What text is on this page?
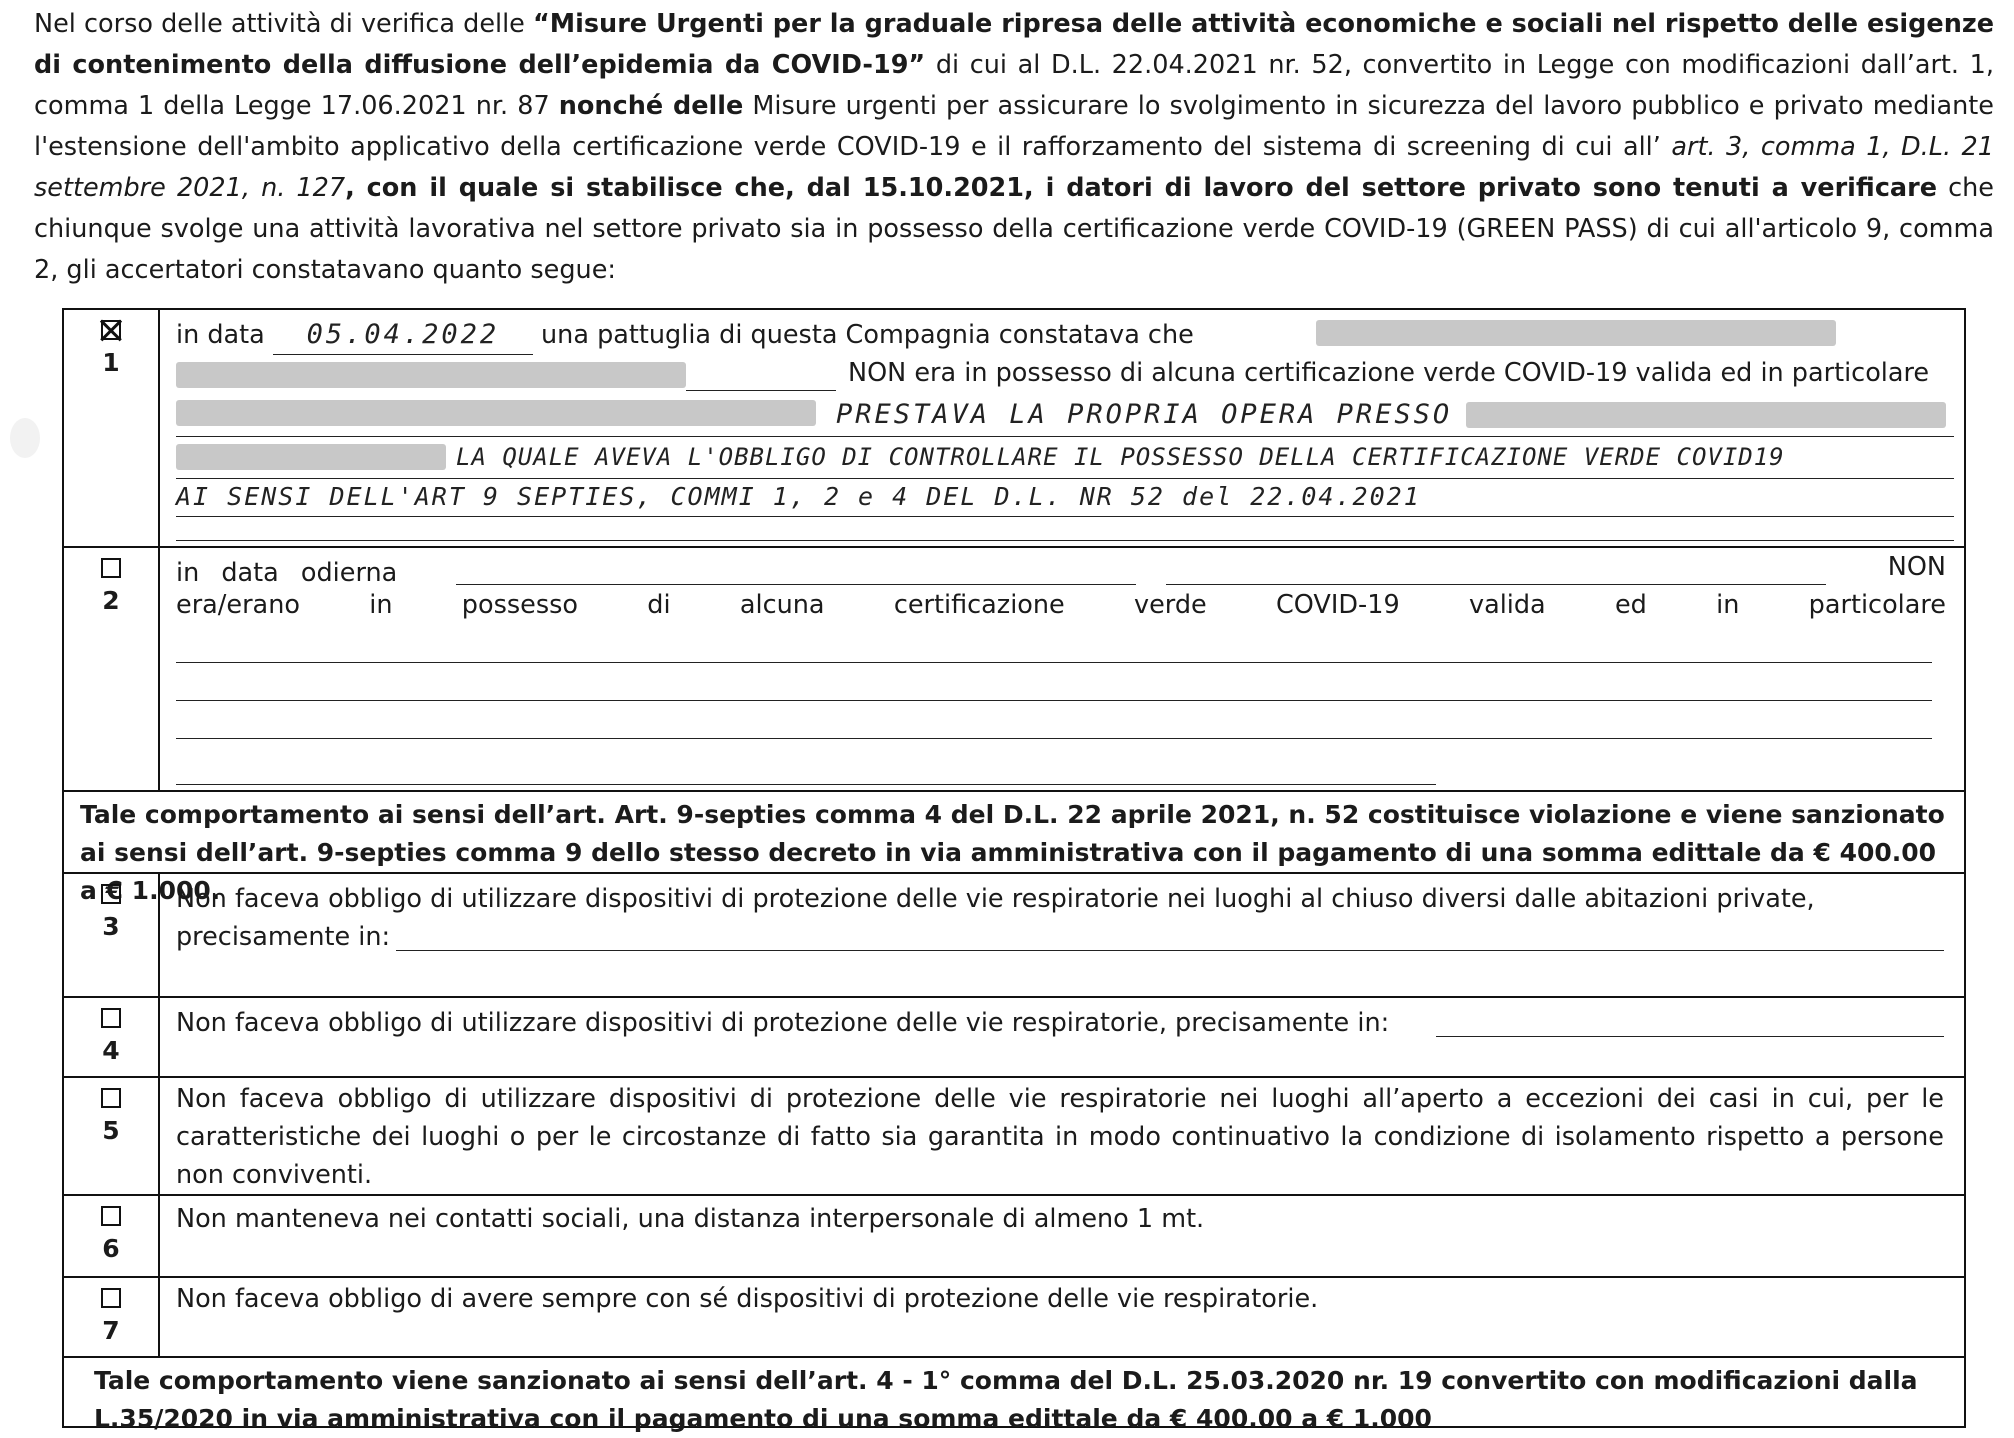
Nel corso delle attività di verifica delle “Misure Urgenti per la graduale ripresa delle attività economiche e sociali nel rispetto delle esigenze di contenimento della diffusione dell’epidemia da COVID-19” di cui al D.L. 22.04.2021 nr. 52, convertito in Legge con modificazioni dall’art. 1, comma 1 della Legge 17.06.2021 nr. 87 nonché delle Misure urgenti per assicurare lo svolgimento in sicurezza del lavoro pubblico e privato mediante l'estensione dell'ambito applicativo della certificazione verde COVID-19 e il rafforzamento del sistema di screening di cui all’ art. 3, comma 1, D.L. 21 settembre 2021, n. 127, con il quale si stabilisce che, dal 15.10.2021, i datori di lavoro del settore privato sono tenuti a verificare che chiunque svolge una attività lavorativa nel settore privato sia in possesso della certificazione verde COVID-19 (GREEN PASS) di cui all'articolo 9, comma 2, gli accertatori constatavano quanto segue:
1
in data 05.04.2022 una pattuglia di questa Compagnia constatava che
NON era in possesso di alcuna certificazione verde COVID-19 valida ed in particolare
PRESTAVA LA PROPRIA OPERA PRESSO
LA QUALE AVEVA L'OBBLIGO DI CONTROLLARE IL POSSESSO DELLA CERTIFICAZIONE VERDE COVID19
AI SENSI DELL'ART 9 SEPTIES, COMMI 1, 2 e 4 DEL D.L. NR 52 del 22.04.2021
2
in data odierna	NON
era/erano in possesso di alcuna certificazione verde COVID-19 valida ed in particolare
Tale comportamento ai sensi dell’art. Art. 9-septies comma 4 del D.L. 22 aprile 2021, n. 52 costituisce violazione e viene sanzionato ai sensi dell’art. 9-septies comma 9 dello stesso decreto in via amministrativa con il pagamento di una somma edittale da € 400.00 a € 1.000.
3
Non faceva obbligo di utilizzare dispositivi di protezione delle vie respiratorie nei luoghi al chiuso diversi dalle abitazioni private,
precisamente in:
4
Non faceva obbligo di utilizzare dispositivi di protezione delle vie respiratorie, precisamente in:
5
Non faceva obbligo di utilizzare dispositivi di protezione delle vie respiratorie nei luoghi all’aperto a eccezioni dei casi in cui, per le caratteristiche dei luoghi o per le circostanze di fatto sia garantita in modo continuativo la condizione di isolamento rispetto a persone non conviventi.
6
Non manteneva nei contatti sociali, una distanza interpersonale di almeno 1 mt.
7
Non faceva obbligo di avere sempre con sé dispositivi di protezione delle vie respiratorie.
Tale comportamento viene sanzionato ai sensi dell’art. 4 - 1° comma del D.L. 25.03.2020 nr. 19 convertito con modificazioni dalla L.35/2020 in via amministrativa con il pagamento di una somma edittale da € 400.00 a € 1.000
